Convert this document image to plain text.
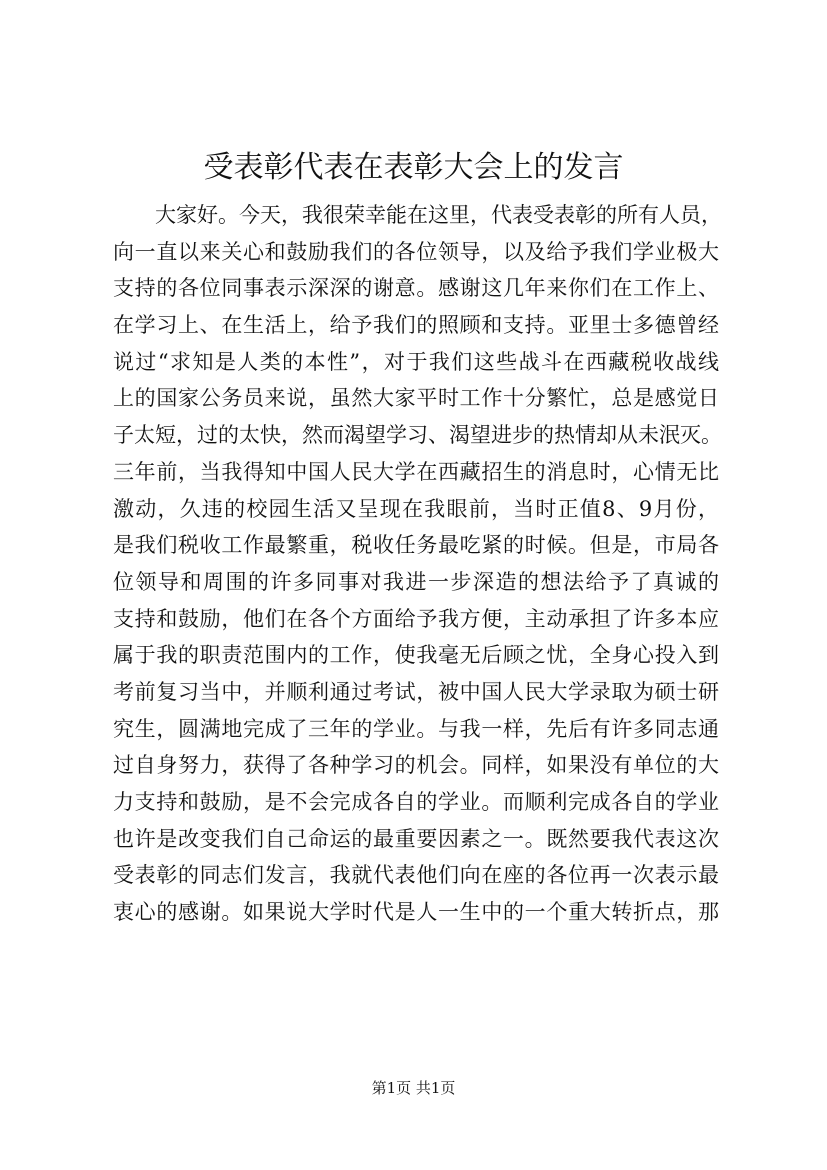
受表彰代表在表彰大会上的发言
大家好。今天，我很荣幸能在这里，代表受表彰的所有人员，
向一直以来关心和鼓励我们的各位领导，以及给予我们学业极大
支持的各位同事表示深深的谢意。感谢这几年来你们在工作上、
在学习上、在生活上，给予我们的照顾和支持。亚里士多德曾经
说过“求知是人类的本性”，对于我们这些战斗在西藏税收战线
上的国家公务员来说，虽然大家平时工作十分繁忙，总是感觉日
子太短，过的太快，然而渴望学习、渴望进步的热情却从未泯灭。
三年前，当我得知中国人民大学在西藏招生的消息时，心情无比
激动，久违的校园生活又呈现在我眼前，当时正值8、9月份，
是我们税收工作最繁重，税收任务最吃紧的时候。但是，市局各
位领导和周围的许多同事对我进一步深造的想法给予了真诚的
支持和鼓励，他们在各个方面给予我方便，主动承担了许多本应
属于我的职责范围内的工作，使我毫无后顾之忧，全身心投入到
考前复习当中，并顺利通过考试，被中国人民大学录取为硕士研
究生，圆满地完成了三年的学业。与我一样，先后有许多同志通
过自身努力，获得了各种学习的机会。同样，如果没有单位的大
力支持和鼓励，是不会完成各自的学业。而顺利完成各自的学业
也许是改变我们自己命运的最重要因素之一。既然要我代表这次
受表彰的同志们发言，我就代表他们向在座的各位再一次表示最
衷心的感谢。如果说大学时代是人一生中的一个重大转折点，那
第1页 共1页
